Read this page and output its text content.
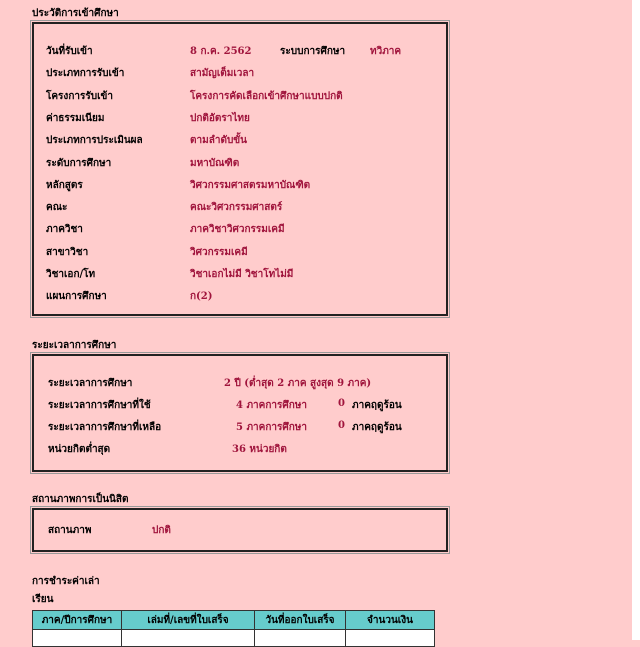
ประวัติการเข้าศึกษา
วันที่รับเข้า	8 ก.ค. 2562
ประเภทการรับเข้า	สามัญเต็มเวลา
โครงการรับเข้า	โครงการคัดเลือกเข้าศึกษาแบบปกติ
ค่าธรรมเนียม	ปกติอัตราไทย
ประเภทการประเมินผล	ตามลำดับขั้น
ระดับการศึกษา	มหาบัณฑิต
หลักสูตร	วิศวกรรมศาสตรมหาบัณฑิต
คณะ	คณะวิศวกรรมศาสตร์
ภาควิชา	ภาควิชาวิศวกรรมเคมี
สาขาวิชา	วิศวกรรมเคมี
วิชาเอก/โท	วิชาเอกไม่มี วิชาโทไม่มี
แผนการศึกษา	ก(2)
ระบบการศึกษา ทวิภาค
ระยะเวลาการศึกษา
ระยะเวลาการศึกษา	2 ปี (ต่ำสุด 2 ภาค สูงสุด 9 ภาค)
ระยะเวลาการศึกษาที่ใช้	4 ภาคการศึกษา	0 ภาคฤดูร้อน
ระยะเวลาการศึกษาที่เหลือ	5 ภาคการศึกษา	0 ภาคฤดูร้อน
หน่วยกิตต่ำสุด	36 หน่วยกิต
สถานภาพการเป็นนิสิต
สถานภาพ	ปกติ
การชำระค่าเล่า
เรียน
ภาค/ปีการศึกษา	เล่มที่/เลขที่ใบเสร็จ	วันที่ออกใบเสร็จ	จำนวนเงิน
